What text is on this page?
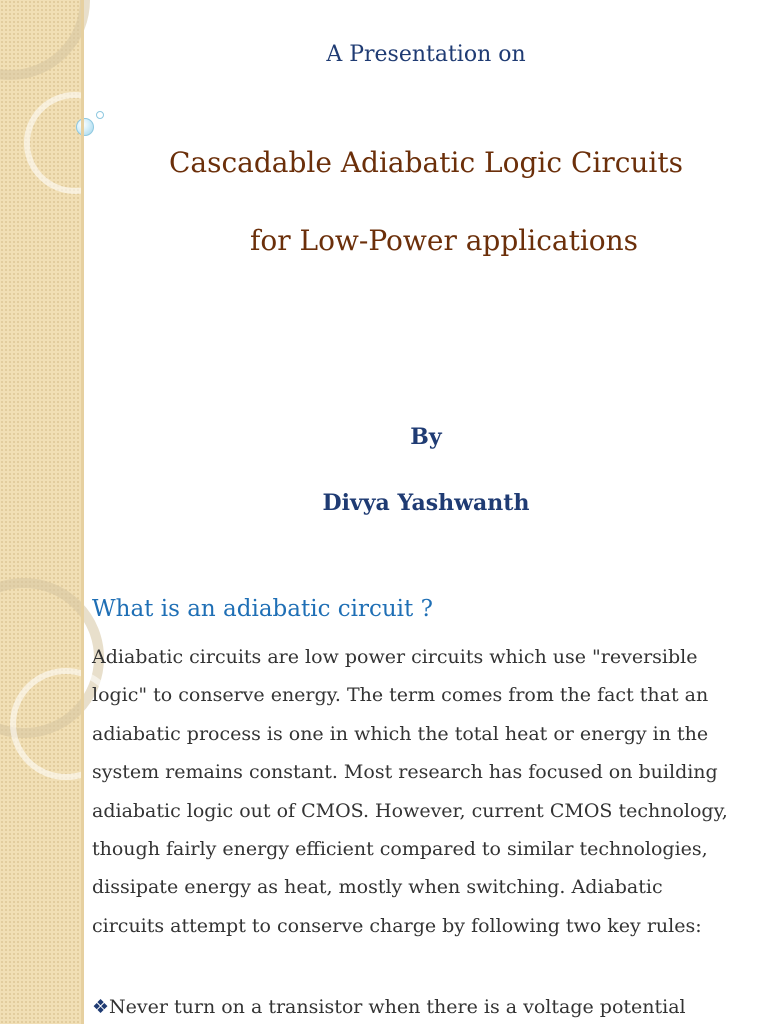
A Presentation on
Cascadable Adiabatic Logic Circuits
for Low-Power applications
By
Divya Yashwanth
What is an adiabatic circuit ?
Adiabatic circuits are low power circuits which use "reversible logic" to conserve energy. The term comes from the fact that an adiabatic process is one in which the total heat or energy in the system remains constant. Most research has focused on building adiabatic logic out of CMOS. However, current CMOS technology, though fairly energy efficient compared to similar technologies, dissipate energy as heat, mostly when switching. Adiabatic circuits attempt to conserve charge by following two key rules:
❖Never turn on a transistor when there is a voltage potential
